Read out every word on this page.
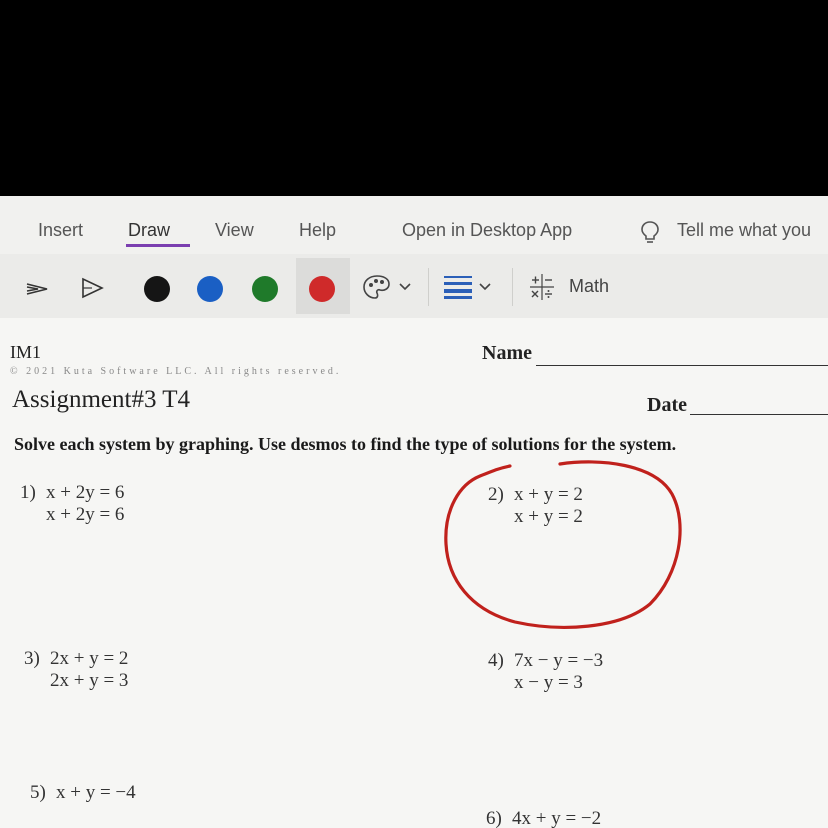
Insert Draw View	Help	Open in Desktop App	Tell me what you
Math
IM1
© 2021 Kuta Software LLC. All rights reserved.
Assignment#3 T4
Name
Date
Solve each system by graphing. Use desmos to find the type of solutions for the system.
1) x + 2y = 6
x + 2y = 6
2) x + y = 2
x + y = 2
3) 2x + y = 2
2x + y = 3
4) 7x − y = −3
x − y = 3
5) x + y = −4
6) 4x + y = −2
